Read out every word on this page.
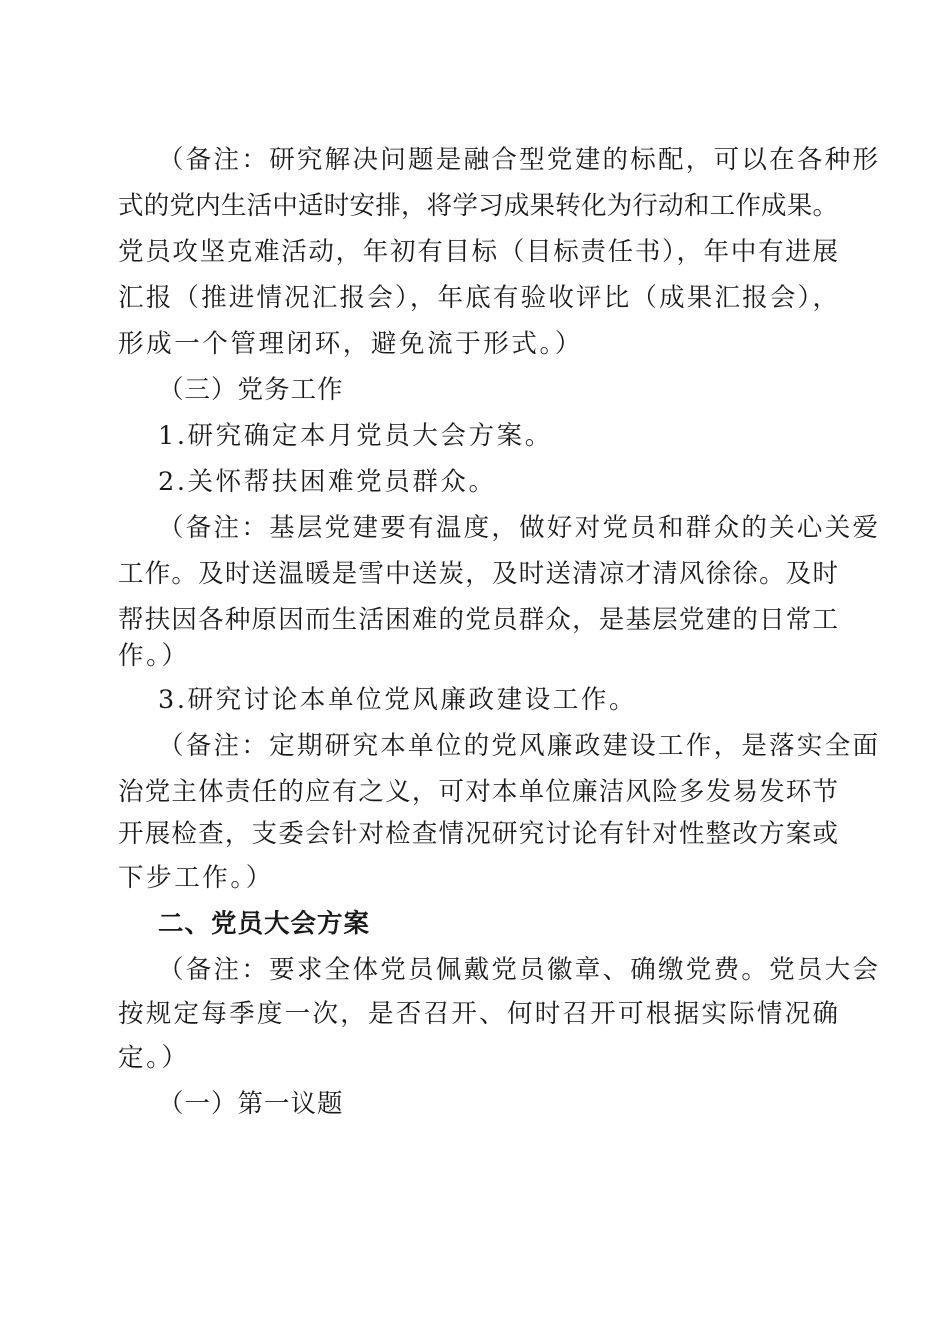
（备注：研究解决问题是融合型党建的标配，可以在各种形
式的党内生活中适时安排，将学习成果转化为行动和工作成果。
党员攻坚克难活动，年初有目标（目标责任书），年中有进展
汇报（推进情况汇报会），年底有验收评比（成果汇报会），
形成一个管理闭环，避免流于形式。）
（三）党务工作
1.研究确定本月党员大会方案。
2.关怀帮扶困难党员群众。
（备注：基层党建要有温度，做好对党员和群众的关心关爱
工作。及时送温暖是雪中送炭，及时送清凉才清风徐徐。及时
帮扶因各种原因而生活困难的党员群众，是基层党建的日常工
作。）
3.研究讨论本单位党风廉政建设工作。
（备注：定期研究本单位的党风廉政建设工作，是落实全面
治党主体责任的应有之义，可对本单位廉洁风险多发易发环节
开展检查，支委会针对检查情况研究讨论有针对性整改方案或
下步工作。）
二、党员大会方案
（备注：要求全体党员佩戴党员徽章、确缴党费。党员大会
按规定每季度一次，是否召开、何时召开可根据实际情况确
定。）
（一）第一议题
